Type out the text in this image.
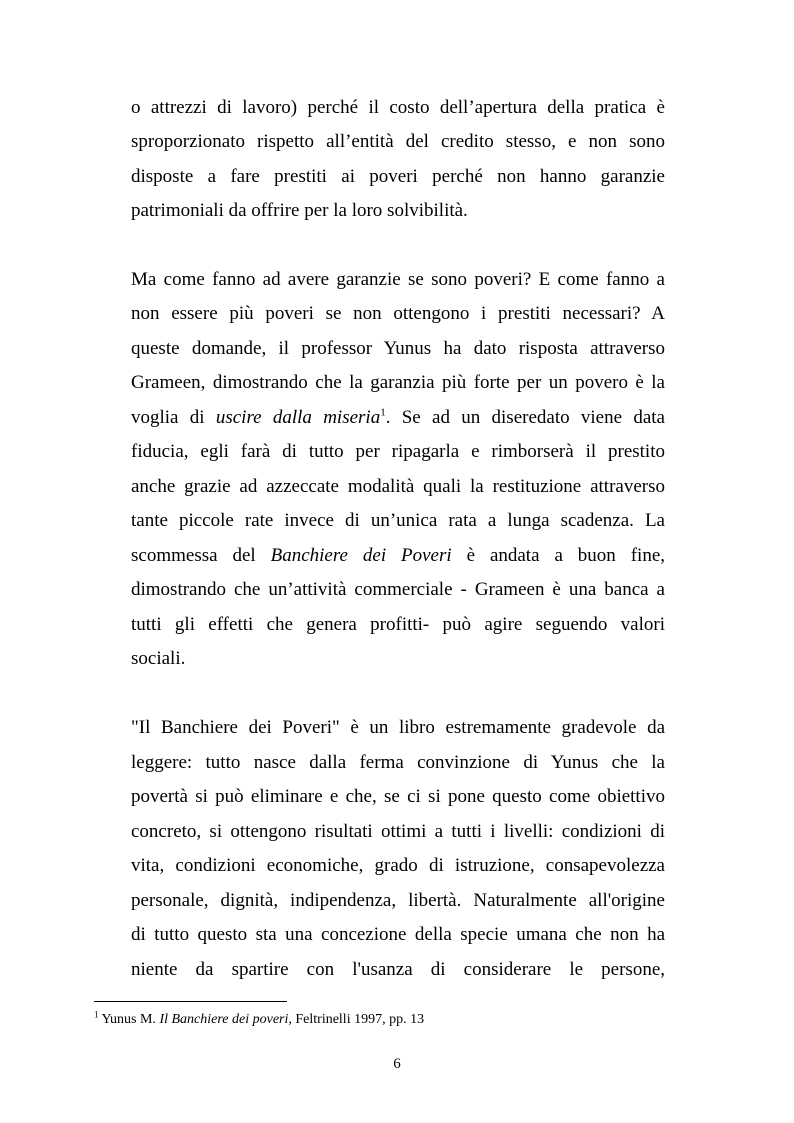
o attrezzi di lavoro) perché il costo dell’apertura della pratica è
sproporzionato rispetto all’entità del credito stesso, e non sono
disposte a fare prestiti ai poveri perché non hanno garanzie
patrimoniali da offrire per la loro solvibilità.
Ma come fanno ad avere garanzie se sono poveri? E come fanno a
non essere più poveri se non ottengono i prestiti necessari? A
queste domande, il professor Yunus ha dato risposta attraverso
Grameen, dimostrando che la garanzia più forte per un povero è la
voglia di uscire dalla miseria$^1$. Se ad un diseredato viene data
fiducia, egli farà di tutto per ripagarla e rimborserà il prestito
anche grazie ad azzeccate modalità quali la restituzione attraverso
tante piccole rate invece di un’unica rata a lunga scadenza. La
scommessa del Banchiere dei Poveri è andata a buon fine,
dimostrando che un’attività commerciale - Grameen è una banca a
tutti gli effetti che genera profitti- può agire seguendo valori
sociali.
"Il Banchiere dei Poveri" è un libro estremamente gradevole da
leggere: tutto nasce dalla ferma convinzione di Yunus che la
povertà si può eliminare e che, se ci si pone questo come obiettivo
concreto, si ottengono risultati ottimi a tutti i livelli: condizioni di
vita, condizioni economiche, grado di istruzione, consapevolezza
personale, dignità, indipendenza, libertà. Naturalmente all'origine
di tutto questo sta una concezione della specie umana che non ha
niente da spartire con l'usanza di considerare le persone,
$^1$ Yunus M. Il Banchiere dei poveri, Feltrinelli 1997, pp. 13
6
